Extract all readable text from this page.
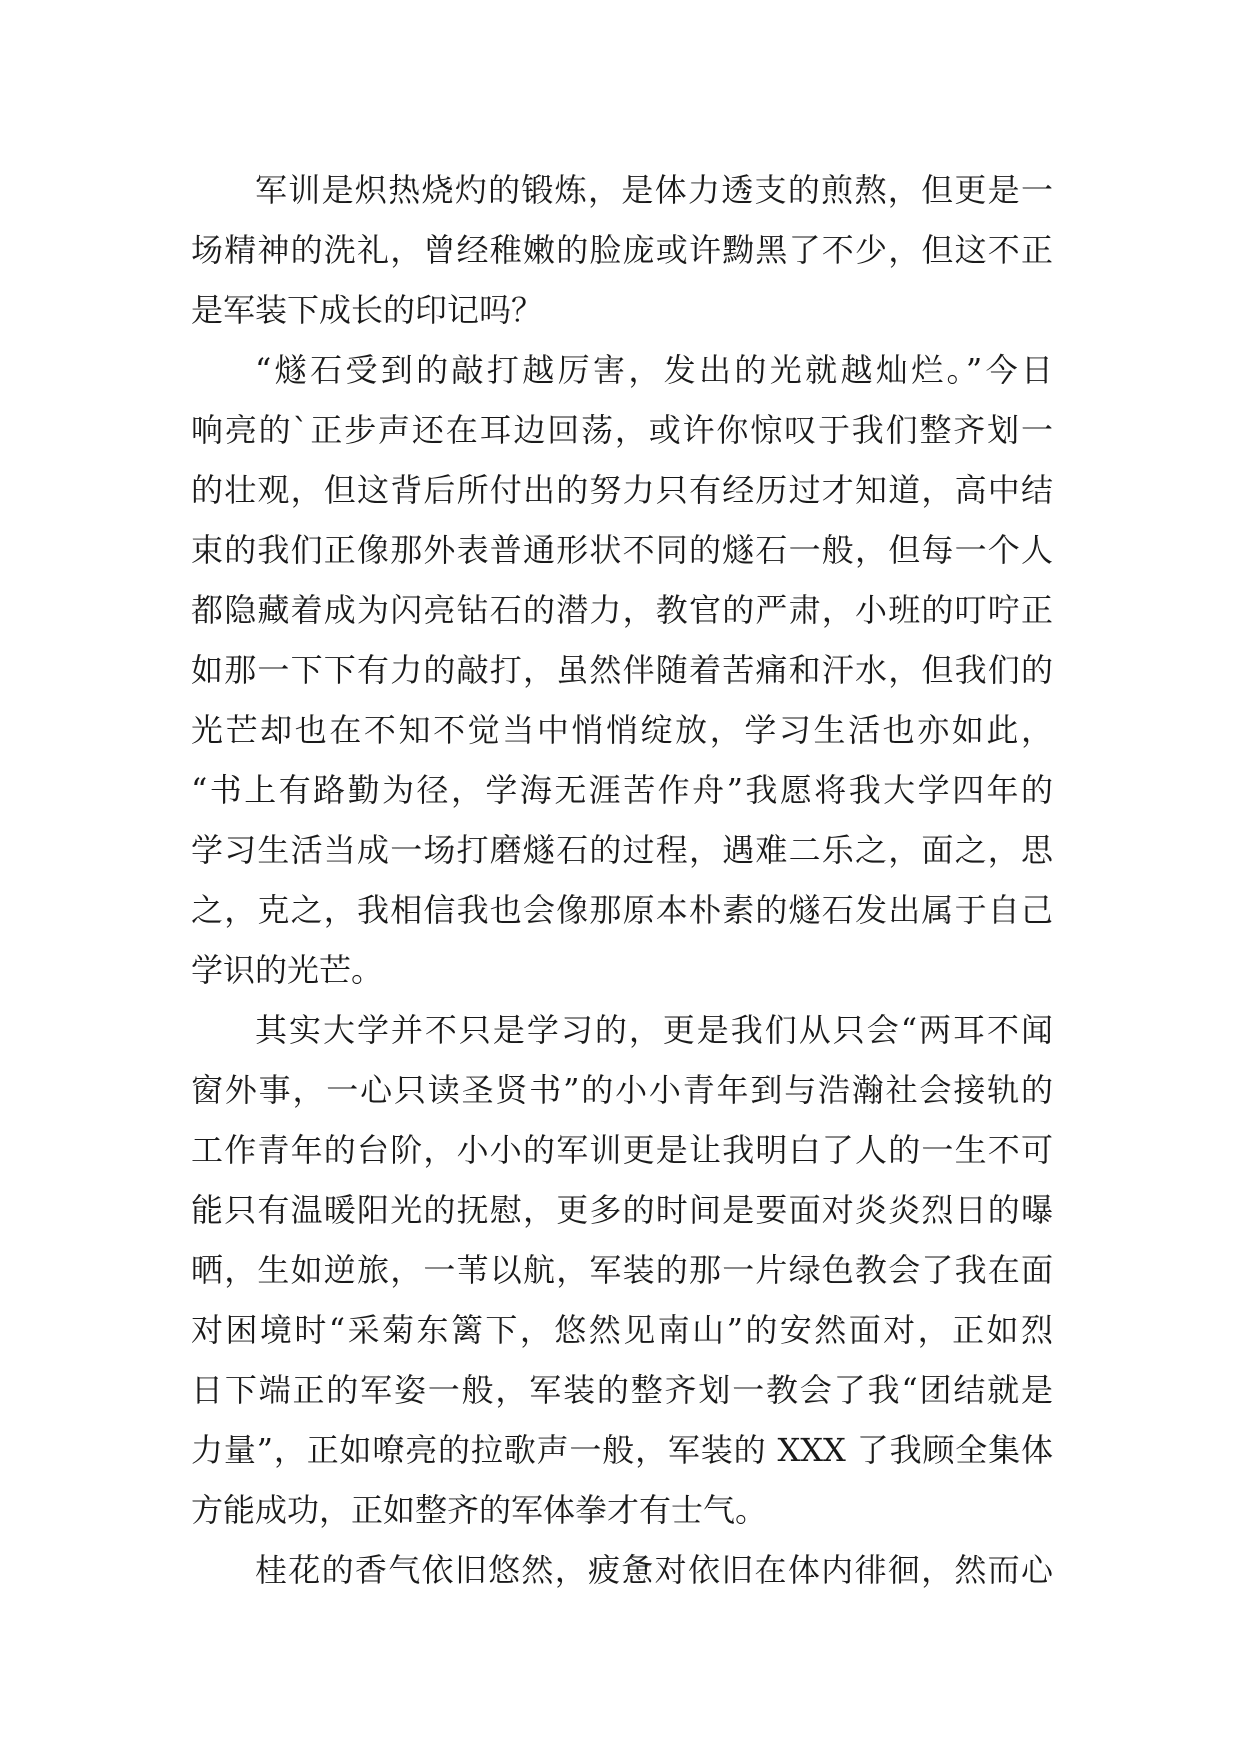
军训是炽热烧灼的锻炼，是体力透支的煎熬，但更是一
场精神的洗礼，曾经稚嫩的脸庞或许黝黑了不少，但这不正
是军装下成长的印记吗？
“燧石受到的敲打越厉害，发出的光就越灿烂。”今日
响亮的`正步声还在耳边回荡，或许你惊叹于我们整齐划一
的壮观，但这背后所付出的努力只有经历过才知道，高中结
束的我们正像那外表普通形状不同的燧石一般，但每一个人
都隐藏着成为闪亮钻石的潜力，教官的严肃，小班的叮咛正
如那一下下有力的敲打，虽然伴随着苦痛和汗水，但我们的
光芒却也在不知不觉当中悄悄绽放，学习生活也亦如此，
“书上有路勤为径，学海无涯苦作舟”我愿将我大学四年的
学习生活当成一场打磨燧石的过程，遇难二乐之，面之，思
之，克之，我相信我也会像那原本朴素的燧石发出属于自己
学识的光芒。
其实大学并不只是学习的，更是我们从只会“两耳不闻
窗外事，一心只读圣贤书”的小小青年到与浩瀚社会接轨的
工作青年的台阶，小小的军训更是让我明白了人的一生不可
能只有温暖阳光的抚慰，更多的时间是要面对炎炎烈日的曝
晒，生如逆旅，一苇以航，军装的那一片绿色教会了我在面
对困境时“采菊东篱下，悠然见南山”的安然面对，正如烈
日下端正的军姿一般，军装的整齐划一教会了我“团结就是
力量”，正如嘹亮的拉歌声一般，军装的 XXX 了我顾全集体
方能成功，正如整齐的军体拳才有士气。
桂花的香气依旧悠然，疲惫对依旧在体内徘徊，然而心
